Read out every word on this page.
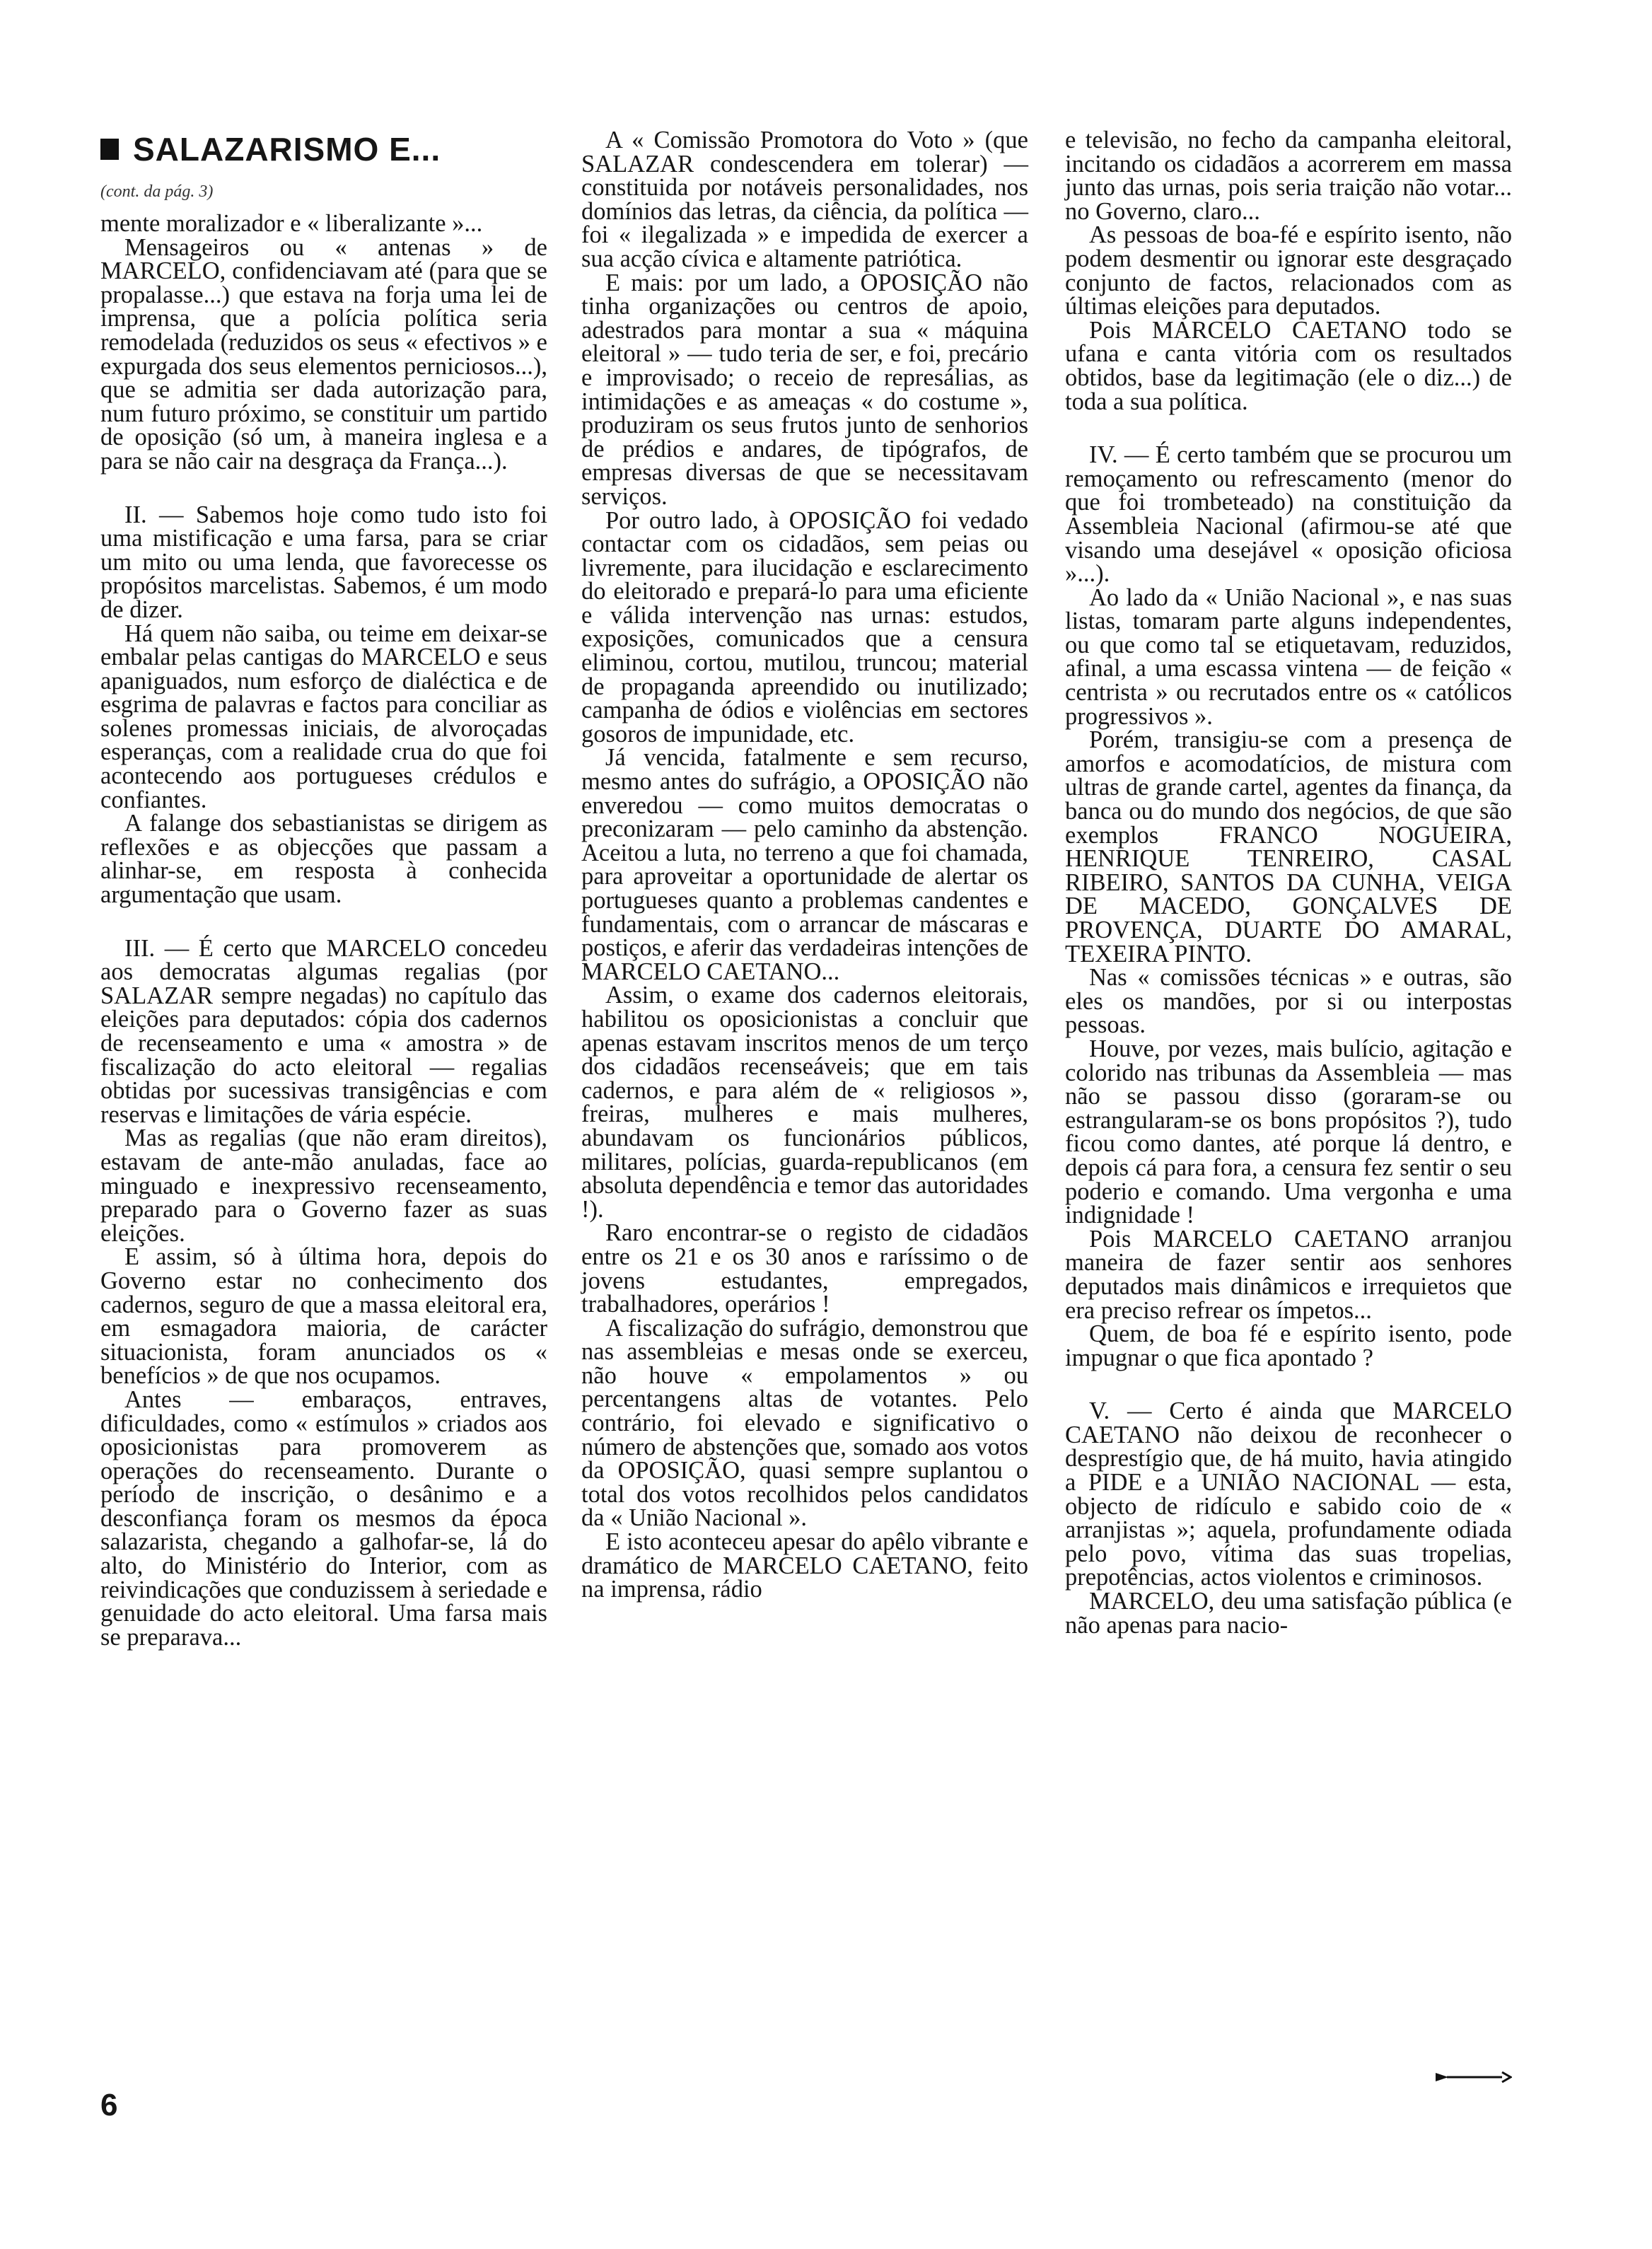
SALAZARISMO E...
(cont. da pág. 3)

mente moralizador e « liberalizante »...

Mensageiros ou « antenas » de MARCELO, confidenciavam até (para que se propalasse...) que estava na forja uma lei de imprensa, que a polícia política seria remodelada (reduzidos os seus « efectivos » e expurgada dos seus elementos perniciosos...), que se admitia ser dada autorização para, num futuro próximo, se constituir um partido de oposição (só um, à maneira inglesa e a para se não cair na desgraça da França...).

II. — Sabemos hoje como tudo isto foi uma mistificação e uma farsa, para se criar um mito ou uma lenda, que favorecesse os propósitos marcelistas. Sabemos, é um modo de dizer.

Há quem não saiba, ou teime em deixar-se embalar pelas cantigas do MARCELO e seus apaniguados, num esforço de dialéctica e de esgrima de palavras e factos para conciliar as solenes promessas iniciais, de alvoroçadas esperanças, com a realidade crua do que foi acontecendo aos portugueses crédulos e confiantes.

A falange dos sebastianistas se dirigem as reflexões e as objecções que passam a alinhar-se, em resposta à conhecida argumentação que usam.

III. — É certo que MARCELO concedeu aos democratas algumas regalias (por SALAZAR sempre negadas) no capítulo das eleições para deputados: cópia dos cadernos de recenseamento e uma « amostra » de fiscalização do acto eleitoral — regalias obtidas por sucessivas transigências e com reservas e limitações de vária espécie.

Mas as regalias (que não eram direitos), estavam de ante-mão anuladas, face ao minguado e inexpressivo recenseamento, preparado para o Governo fazer as suas eleições.

E assim, só à última hora, depois do Governo estar no conhecimento dos cadernos, seguro de que a massa eleitoral era, em esmagadora maioria, de carácter situacionista, foram anunciados os « benefícios » de que nos ocupamos.

Antes — embaraços, entraves, dificuldades, como « estímulos » criados aos oposicionistas para promoverem as operações do recenseamento. Durante o período de inscrição, o desânimo e a desconfiança foram os mesmos da época salazarista, chegando a galhofar-se, lá do alto, do Ministério do Interior, com as reivindicações que conduzissem à seriedade e genuidade do acto eleitoral. Uma farsa mais se preparava...

A « Comissão Promotora do Voto » (que SALAZAR condescendera em tolerar) — constituida por notáveis personalidades, nos domínios das letras, da ciência, da política — foi « ilegalizada » e impedida de exercer a sua acção cívica e altamente patriótica.

E mais: por um lado, a OPOSIÇÃO não tinha organizações ou centros de apoio, adestrados para montar a sua « máquina eleitoral » — tudo teria de ser, e foi, precário e improvisado; o receio de represálias, as intimidações e as ameaças « do costume », produziram os seus frutos junto de senhorios de prédios e andares, de tipógrafos, de empresas diversas de que se necessitavam serviços.

Por outro lado, à OPOSIÇÃO foi vedado contactar com os cidadãos, sem peias ou livremente, para ilucidação e esclarecimento do eleitorado e prepará-lo para uma eficiente e válida intervenção nas urnas: estudos, exposições, comunicados que a censura eliminou, cortou, mutilou, truncou; material de propaganda apreendido ou inutilizado; campanha de ódios e violências em sectores gosoros de impunidade, etc.

Já vencida, fatalmente e sem recurso, mesmo antes do sufrágio, a OPOSIÇÃO não enveredou — como muitos democratas o preconizaram — pelo caminho da abstenção. Aceitou a luta, no terreno a que foi chamada, para aproveitar a oportunidade de alertar os portugueses quanto a problemas candentes e fundamentais, com o arrancar de máscaras e postiços, e aferir das verdadeiras intenções de MARCELO CAETANO...

Assim, o exame dos cadernos eleitorais, habilitou os oposicionistas a concluir que apenas estavam inscritos menos de um terço dos cidadãos recenseáveis; que em tais cadernos, e para além de « religiosos », freiras, mulheres e mais mulheres, abundavam os funcionários públicos, militares, polícias, guarda-republicanos (em absoluta dependência e temor das autoridades !).

Raro encontrar-se o registo de cidadãos entre os 21 e os 30 anos e raríssimo o de jovens estudantes, empregados, trabalhadores, operários !

A fiscalização do sufrágio, demonstrou que nas assembleias e mesas onde se exerceu, não houve « empolamentos » ou percentangens altas de votantes. Pelo contrário, foi elevado e significativo o número de abstenções que, somado aos votos da OPOSIÇÃO, quasi sempre suplantou o total dos votos recolhidos pelos candidatos da « União Nacional ».

E isto aconteceu apesar do apêlo vibrante e dramático de MARCELO CAETANO, feito na imprensa, rádio

e televisão, no fecho da campanha eleitoral, incitando os cidadãos a acorrerem em massa junto das urnas, pois seria traição não votar... no Governo, claro...

As pessoas de boa-fé e espírito isento, não podem desmentir ou ignorar este desgraçado conjunto de factos, relacionados com as últimas eleições para deputados.

Pois MARCELO CAETANO todo se ufana e canta vitória com os resultados obtidos, base da legitimação (ele o diz...) de toda a sua política.

IV. — É certo também que se procurou um remoçamento ou refrescamento (menor do que foi trombeteado) na constituição da Assembleia Nacional (afirmou-se até que visando uma desejável « oposição oficiosa »...).

Ao lado da « União Nacional », e nas suas listas, tomaram parte alguns independentes, ou que como tal se etiquetavam, reduzidos, afinal, a uma escassa vintena — de feição « centrista » ou recrutados entre os « católicos progressivos ».

Porém, transigiu-se com a presença de amorfos e acomodatícios, de mistura com ultras de grande cartel, agentes da finança, da banca ou do mundo dos negócios, de que são exemplos FRANCO NOGUEIRA, HENRIQUE TENREIRO, CASAL RIBEIRO, SANTOS DA CUNHA, VEIGA DE MACEDO, GONÇALVES DE PROVENÇA, DUARTE DO AMARAL, TEXEIRA PINTO.

Nas « comissões técnicas » e outras, são eles os mandões, por si ou interpostas pessoas.

Houve, por vezes, mais bulício, agitação e colorido nas tribunas da Assembleia — mas não se passou disso (goraram-se ou estrangularam-se os bons propósitos ?), tudo ficou como dantes, até porque lá dentro, e depois cá para fora, a censura fez sentir o seu poderio e comando. Uma vergonha e uma indignidade !

Pois MARCELO CAETANO arranjou maneira de fazer sentir aos senhores deputados mais dinâmicos e irrequietos que era preciso refrear os ímpetos...

Quem, de boa fé e espírito isento, pode impugnar o que fica apontado ?

V. — Certo é ainda que MARCELO CAETANO não deixou de reconhecer o desprestígio que, de há muito, havia atingido a PIDE e a UNIÃO NACIONAL — esta, objecto de ridículo e sabido coio de « arranjistas »; aquela, profundamente odiada pelo povo, vítima das suas tropelias, prepotências, actos violentos e criminosos.

MARCELO, deu uma satisfação pública (e não apenas para nacio-

6
